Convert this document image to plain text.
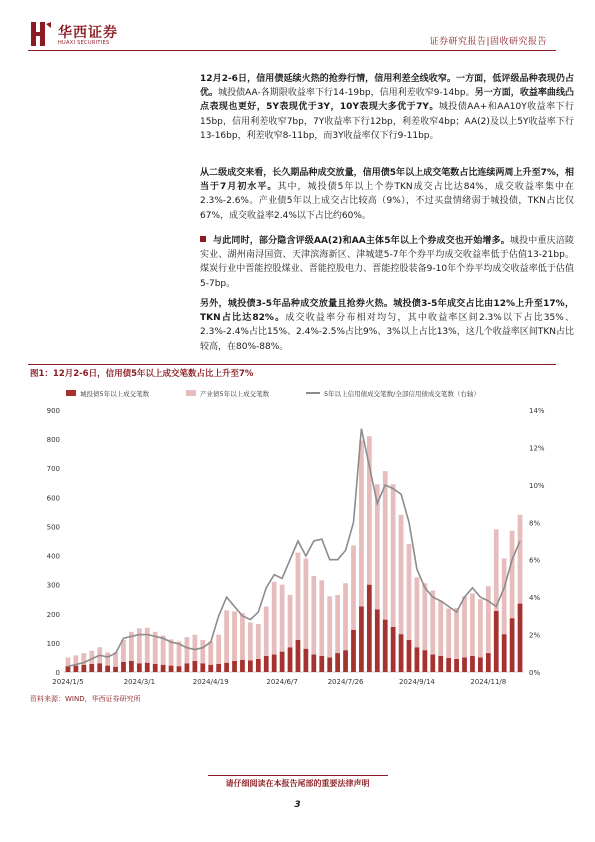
华西证券
HUAXI SECURITIES	证券研究报告|固收研究报告
12月2-6日，信用债延续火热的抢券行情，信用利差全线收窄。一方面，低评级品种表现仍占优。城投债AA-各期限收益率下行14-19bp，信用利差收窄9-14bp。另一方面，收益率曲线凸点表现也更好，5Y表现优于3Y，10Y表现大多优于7Y。城投债AA+和AA10Y收益率下行15bp，信用利差收窄7bp，7Y收益率下行12bp，利差收窄4bp；AA(2)及以上5Y收益率下行13-16bp，利差收窄8-11bp，而3Y收益率仅下行9-11bp。
从二级成交来看，长久期品种成交放量，信用债5年以上成交笔数占比连续两周上升至7%，相当于7月初水平。其中，城投债5年以上个券TKN成交占比达84%，成交收益率集中在2.3%-2.6%。产业债5年以上成交占比较高（9%），不过买盘情绪弱于城投债，TKN占比仅67%，成交收益率2.4%以下占比约60%。
与此同时，部分隐含评级AA(2)和AA主体5年以上个券成交也开始增多。城投中重庆涪陵实业、湖州南浔国资、天津滨海新区、津城建5-7年个券平均成交收益率低于估值13-21bp。煤炭行业中晋能控股煤业、晋能控股电力、晋能控股装备9-10年个券平均成交收益率低于估值5-7bp。
图1：12月2-6日，信用债5年以上成交笔数占比上升至7%
0
100
200
300
400
500
600
700
800
900
0%
2%
4%
6%
8%
10%
12%
14%
2024/1/5	2024/3/1	2024/4/19	2024/6/7	2024/7/26	2024/9/14	2024/11/8
城投债5年以上成交笔数	产业债5年以上成交笔数	5年以上信用债成交笔数/全部信用债成交笔数（右轴）
资料来源：WIND，华西证券研究所
请仔细阅读在本报告尾部的重要法律声明
3
另外，城投债3-5年品种成交放量且抢券火热。城投债3-5年成交占比由12%上升至17%，TKN占比达82%。成交收益率分布相对均匀，其中收益率区间2.3%以下占比35%、2.3%-2.4%占比15%、2.4%-2.5%占比9%、3%以上占比13%，这几个收益率区间TKN占比较高，在80%-88%。
